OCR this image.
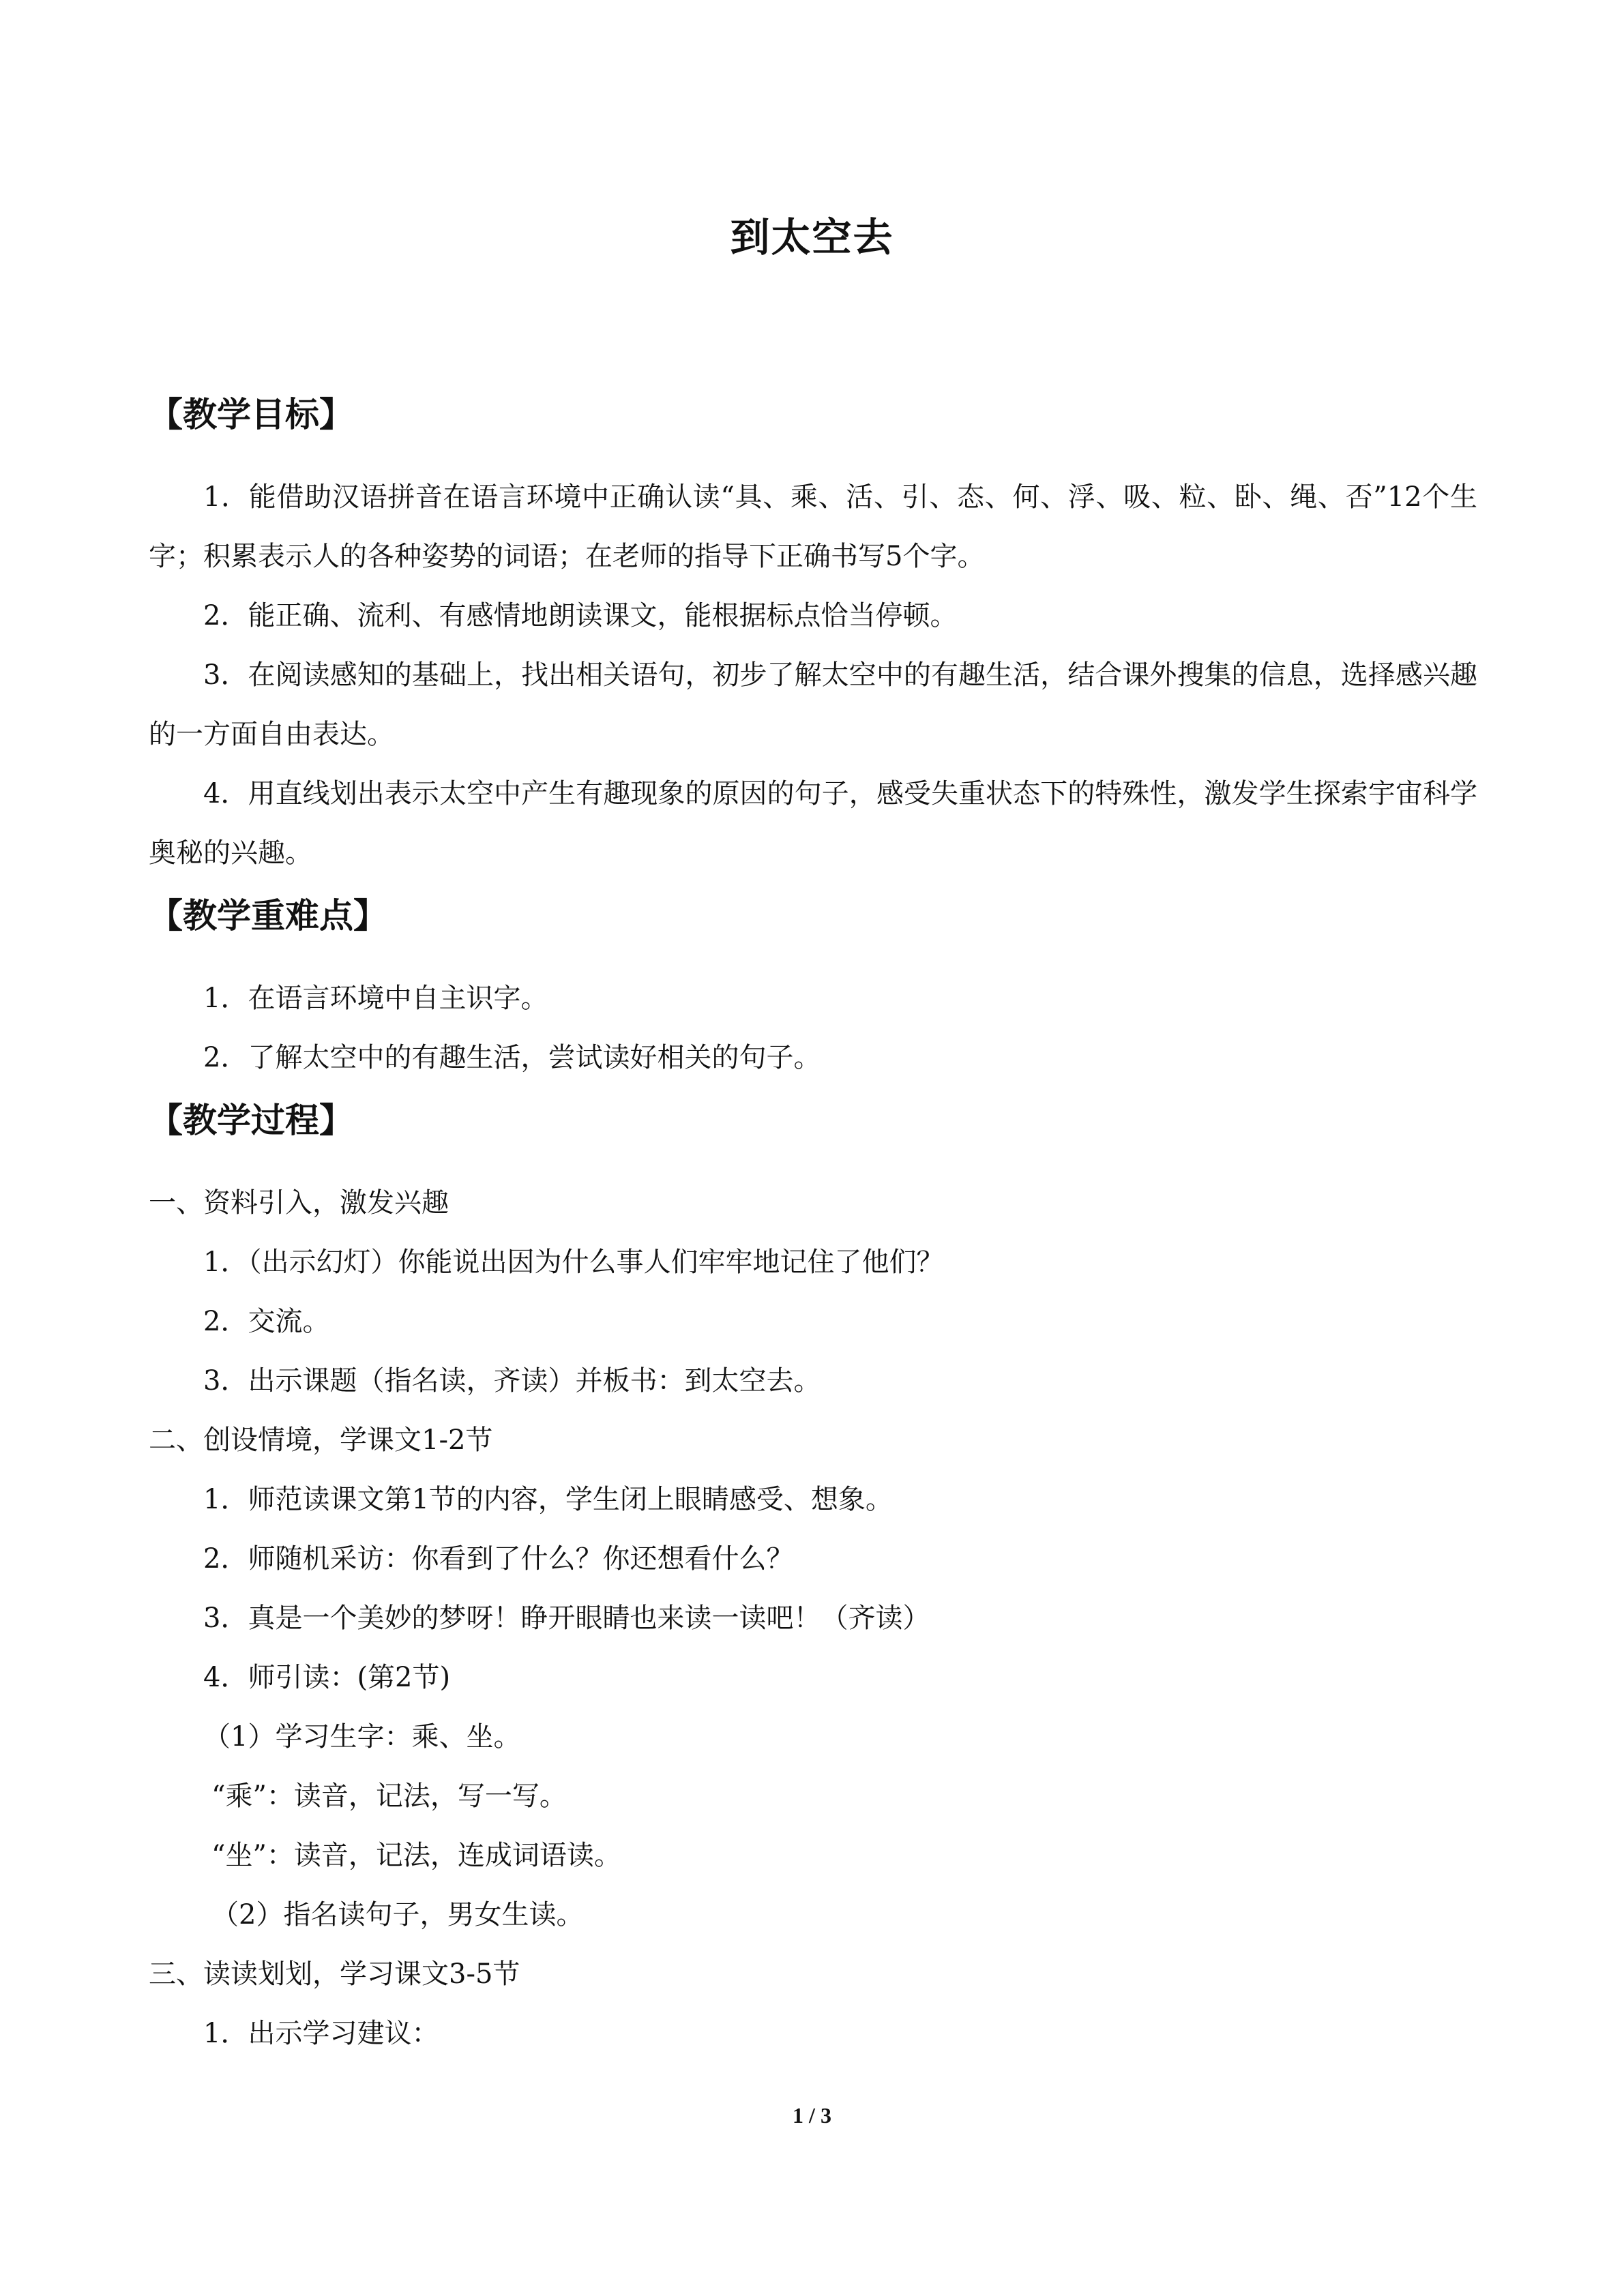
到太空去
【教学目标】

1．能借助汉语拼音在语言环境中正确认读“具、乘、活、引、态、何、浮、吸、粒、卧、绳、否”12个生字；积累表示人的各种姿势的词语；在老师的指导下正确书写5个字。

2．能正确、流利、有感情地朗读课文，能根据标点恰当停顿。

3．在阅读感知的基础上，找出相关语句，初步了解太空中的有趣生活，结合课外搜集的信息，选择感兴趣的一方面自由表达。

4．用直线划出表示太空中产生有趣现象的原因的句子，感受失重状态下的特殊性，激发学生探索宇宙科学奥秘的兴趣。

【教学重难点】

1．在语言环境中自主识字。

2．了解太空中的有趣生活，尝试读好相关的句子。

【教学过程】

一、资料引入，激发兴趣

1．（出示幻灯）你能说出因为什么事人们牢牢地记住了他们？

2．交流。

3．出示课题（指名读，齐读）并板书：到太空去。

二、创设情境，学课文1-2节

1．师范读课文第1节的内容，学生闭上眼睛感受、想象。

2．师随机采访：你看到了什么？你还想看什么？

3．真是一个美妙的梦呀！睁开眼睛也来读一读吧！（齐读）

4．师引读：(第2节)

（1）学习生字：乘、坐。

“乘”：读音，记法，写一写。

“坐”：读音，记法，连成词语读。

（2）指名读句子，男女生读。

三、读读划划，学习课文3-5节

1．出示学习建议：

1 / 3
